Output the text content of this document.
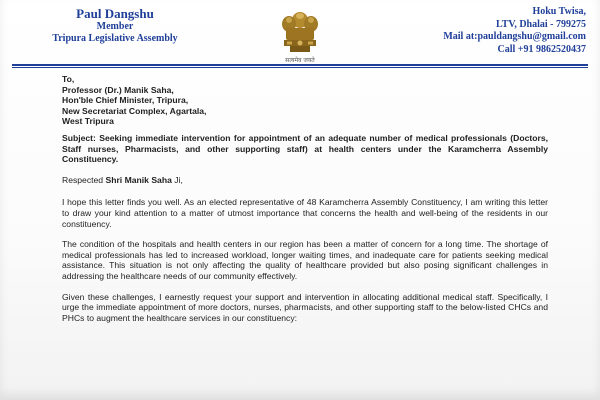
Paul Dangshu
Member
Tripura Legislative Assembly
सत्यमेव जयते
Hoku Twisa,
LTV, Dhalai - 799275
Mail at:pauldangshu@gmail.com
Call +91 9862520437
To,
Professor (Dr.) Manik Saha,
Hon'ble Chief Minister, Tripura,
New Secretariat Complex, Agartala,
West Tripura

Subject: Seeking immediate intervention for appointment of an adequate number of medical professionals (Doctors, Staff nurses, Pharmacists, and other supporting staff) at health centers under the Karamcherra Assembly Constituency.

Respected Shri Manik Saha Ji,

I hope this letter finds you well. As an elected representative of 48 Karamcherra Assembly Constituency, I am writing this letter to draw your kind attention to a matter of utmost importance that concerns the health and well-being of the residents in our constituency.

The condition of the hospitals and health centers in our region has been a matter of concern for a long time. The shortage of medical professionals has led to increased workload, longer waiting times, and inadequate care for patients seeking medical assistance. This situation is not only affecting the quality of healthcare provided but also posing significant challenges in addressing the healthcare needs of our community effectively.

Given these challenges, I earnestly request your support and intervention in allocating additional medical staff. Specifically, I urge the immediate appointment of more doctors, nurses, pharmacists, and other supporting staff to the below-listed CHCs and PHCs to augment the healthcare services in our constituency:
